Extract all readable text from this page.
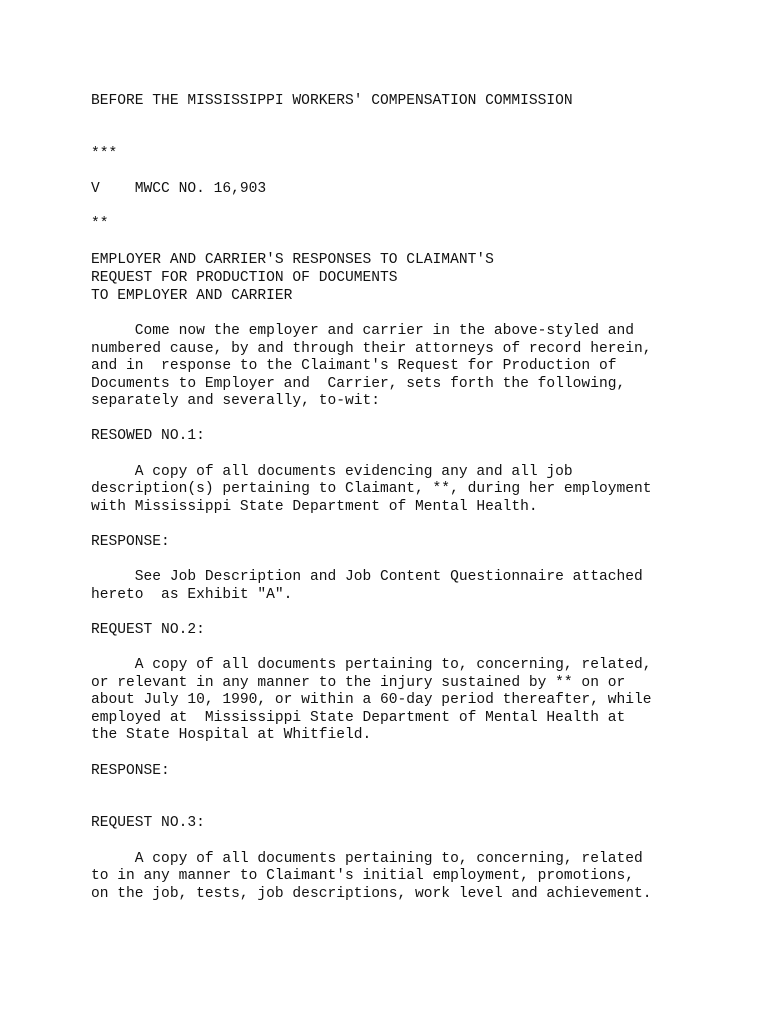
BEFORE THE MISSISSIPPI WORKERS' COMPENSATION COMMISSION
***
V    MWCC NO. 16,903
**
EMPLOYER AND CARRIER'S RESPONSES TO CLAIMANT'S
REQUEST FOR PRODUCTION OF DOCUMENTS
TO EMPLOYER AND CARRIER
Come now the employer and carrier in the above-styled and
numbered cause, by and through their attorneys of record herein,
and in  response to the Claimant's Request for Production of
Documents to Employer and  Carrier, sets forth the following,
separately and severally, to-wit:
RESOWED NO.1:
A copy of all documents evidencing any and all job
description(s) pertaining to Claimant, **, during her employment
with Mississippi State Department of Mental Health.
RESPONSE:
See Job Description and Job Content Questionnaire attached
hereto  as Exhibit "A".
REQUEST NO.2:
A copy of all documents pertaining to, concerning, related,
or relevant in any manner to the injury sustained by ** on or
about July 10, 1990, or within a 60-day period thereafter, while
employed at  Mississippi State Department of Mental Health at
the State Hospital at Whitfield.
RESPONSE:
REQUEST NO.3:
A copy of all documents pertaining to, concerning, related
to in any manner to Claimant's initial employment, promotions,
on the job, tests, job descriptions, work level and achievement.
